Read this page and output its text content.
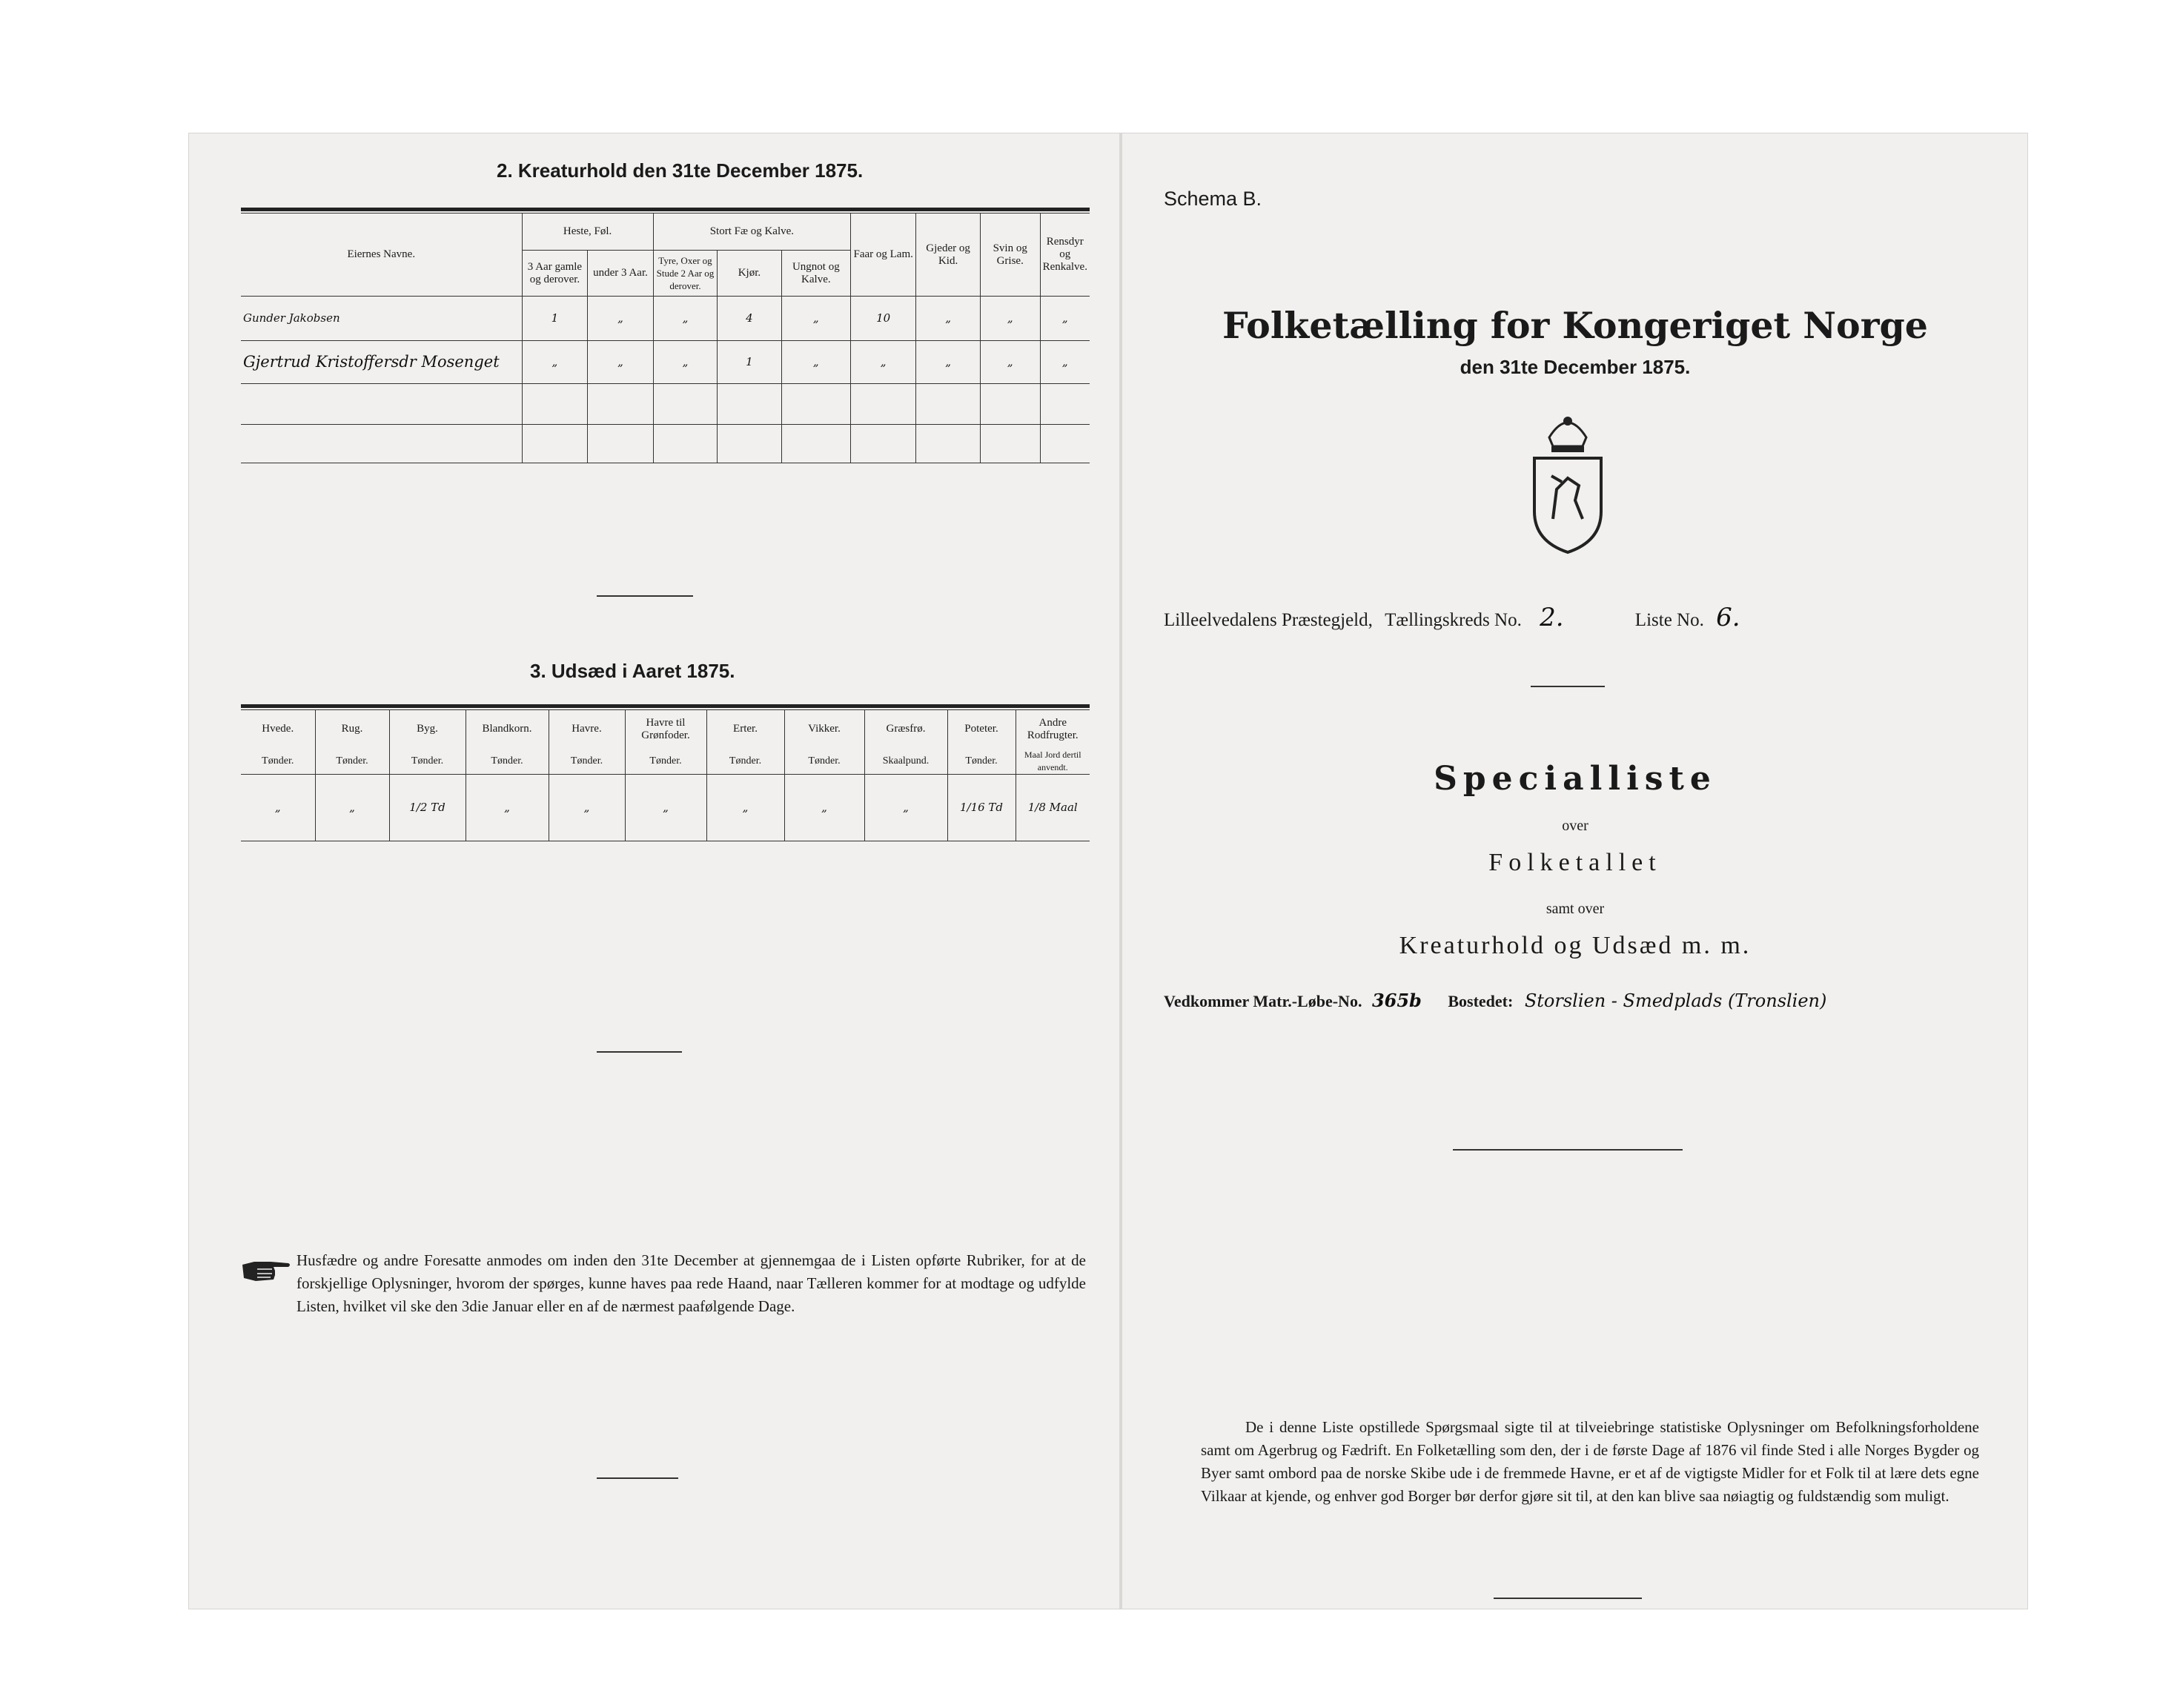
2. Kreaturhold den 31te December 1875.
Eiernes Navne.	Heste, Føl.		Stort Fæ og Kalve.			Faar og Lam.	Gjeder og Kid.	Svin og Grise.	Rensdyr og Renkalve.
	3 Aar gamle og derover.	under 3 Aar.	Tyre, Oxer og Stude 2 Aar og derover.	Kjør.	Ungnot og Kalve.				
Gunder Jakobsen	1	„	„	4	„	10	„	„	„
Gjertrud Kristoffersdr Mosenget	„	„	„	1	„	„	„	„	„

3. Udsæd i Aaret 1875.
Hvede.	Rug.	Byg.	Blandkorn.	Havre.	Havre til Grønfoder.	Erter.	Vikker.	Græsfrø.	Poteter.	Andre Rodfrugter.
Tønder.	Tønder.	Tønder.	Tønder.	Tønder.	Tønder.	Tønder.	Tønder.	Skaalpund.	Tønder.	Maal Jord dertil anvendt.
„	„	1/2 Td	„	„	„	„	„	„	1/16 Td	1/8 Maal
Husfædre og andre Foresatte anmodes om inden den 31te December at gjennemgaa de i Listen opførte Rubriker, for at de forskjellige Oplysninger, hvorom der spørges, kunne haves paa rede Haand, naar Tælleren kommer for at modtage og udfylde Listen, hvilket vil ske den 3die Januar eller en af de nærmest paafølgende Dage.
Schema B.
Folketælling for Kongeriget Norge
den 31te December 1875.
Lilleelvedalens Præstegjeld, Tællingskreds No. 2.	Liste No. 6.
Specialliste
over
Folketallet
samt over
Kreaturhold og Udsæd m. m.
Vedkommer Matr.-Løbe-No. 365b Bostedet: Storslien - Smedplads (Tronslien)
De i denne Liste opstillede Spørgsmaal sigte til at tilveiebringe statistiske Oplysninger om Befolkningsforholdene samt om Agerbrug og Fædrift. En Folketælling som den, der i de første Dage af 1876 vil finde Sted i alle Norges Bygder og Byer samt ombord paa de norske Skibe ude i de fremmede Havne, er et af de vigtigste Midler for et Folk til at lære dets egne Vilkaar at kjende, og enhver god Borger bør derfor gjøre sit til, at den kan blive saa nøiagtig og fuldstændig som muligt.
